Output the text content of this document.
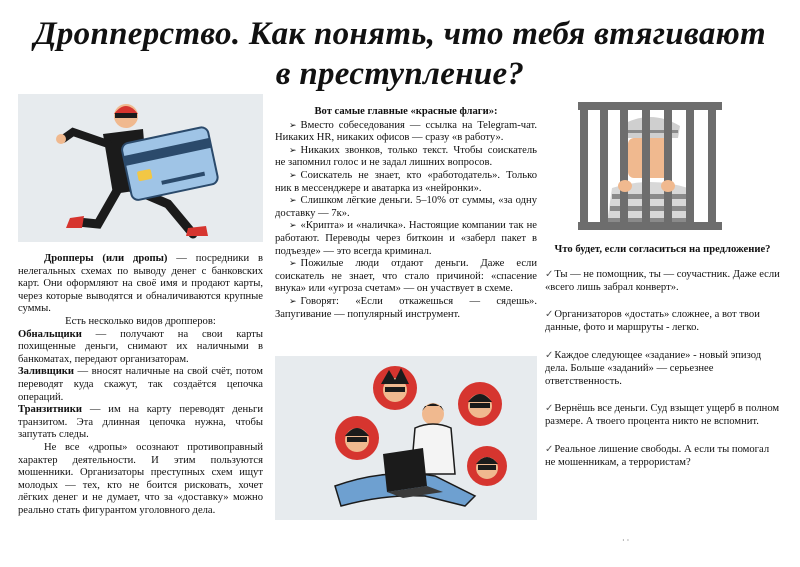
Дропперство. Как понять, что тебя втягивают
в преступление?

Дропперы (или дропы) — посредники в нелегальных схемах по выводу денег с банковских карт. Они оформляют на своё имя и продают карты, через которые выводятся и обналичиваются крупные суммы.

Есть несколько видов дропперов:

Обнальщики — получают на свои карты похищенные деньги, снимают их наличными в банкоматах, передают организаторам.

Заливщики — вносят наличные на свой счёт, потом переводят куда скажут, так создаётся цепочка операций.

Транзитники — им на карту переводят деньги транзитом. Эта длинная цепочка нужна, чтобы запутать следы.

Не все «дропы» осознают противоправный характер деятельности. И этим пользуются мошенники. Организаторы преступных схем ищут молодых — тех, кто не боится рисковать, хочет лёгких денег и не думает, что за «доставку» можно реально стать фигурантом уголовного дела.

Вот самые главные «красные флаги»:

➢ Вместо собеседования — ссылка на Telegram-чат. Никаких HR, никаких офисов — сразу «в работу».

➢ Никаких звонков, только текст. Чтобы соискатель не запомнил голос и не задал лишних вопросов.

➢ Соискатель не знает, кто «работодатель». Только ник в мессенджере и аватарка из «нейронки».

➢ Слишком лёгкие деньги. 5–10% от суммы, «за одну доставку — 7к».

➢ «Крипта» и «наличка». Настоящие компании так не работают. Переводы через биткоин и «заберл пакет в подъезде» — это всегда криминал.

➢ Пожилые люди отдают деньги. Даже если соискатель не знает, что стало причиной: «спасение внука» или «угроза счетам» — он участвует в схеме.

➢ Говорят: «Если откажешься — сядешь». Запугивание — популярный инструмент.

Что будет, если согласиться на предложение?

✓Ты — не помощник, ты — соучастник. Даже если «всего лишь забрал конверт».

✓Организаторов «достать» сложнее, а вот твои данные, фото и маршруты - легко.

✓Каждое следующее «задание» - новый эпизод дела. Больше «заданий» — серьезнее ответственность.

✓Вернёшь все деньги. Суд взыщет ущерб в полном размере. А твоего процента никто не вспомнит.

✓Реальное лишение свободы. А если ты помогал не мошенникам, а террористам?

· ·
